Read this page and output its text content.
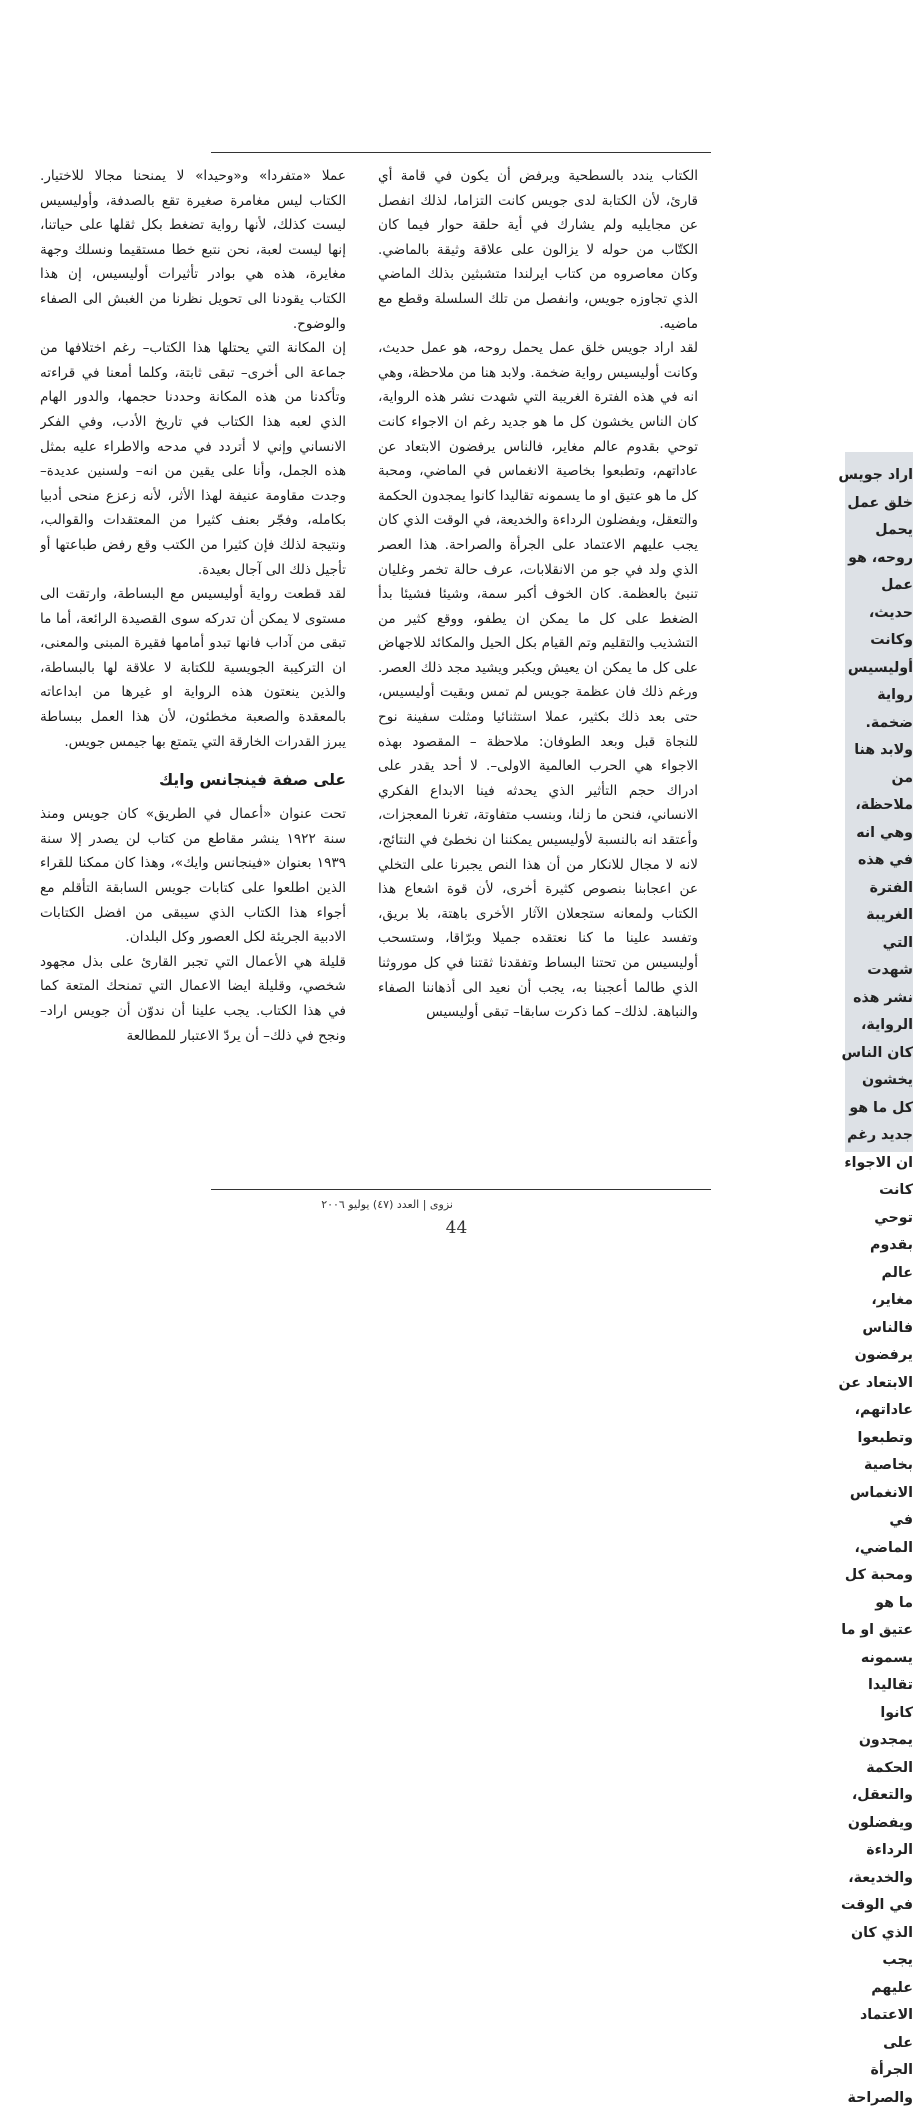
الكتاب يندد بالسطحية ويرفض أن يكون في قامة أي قارئ، لأن الكتابة لدى جويس كانت التزاما، لذلك انفصل عن مجايليه ولم يشارك في أية حلقة حوار فيما كان الكتّاب من حوله لا يزالون على علاقة وثيقة بالماضي. وكان معاصروه من كتاب ايرلندا متشبثين بذلك الماضي الذي تجاوزه جويس، وانفصل من تلك السلسلة وقطع مع ماضيه.

لقد اراد جويس خلق عمل يحمل روحه، هو عمل حديث، وكانت أوليسيس رواية ضخمة. ولابد هنا من ملاحظة، وهي انه في هذه الفترة الغريبة التي شهدت نشر هذه الرواية، كان الناس يخشون كل ما هو جديد رغم ان الاجواء كانت توحي بقدوم عالم مغاير، فالناس يرفضون الابتعاد عن عاداتهم، وتطبعوا بخاصية الانغماس في الماضي، ومحبة كل ما هو عتيق او ما يسمونه تقاليدا كانوا يمجدون الحكمة والتعقل، ويفضلون الرداءة والخديعة، في الوقت الذي كان يجب عليهم الاعتماد على الجرأة والصراحة. هذا العصر الذي ولد في جو من الانقلابات، عرف حالة تخمر وغليان تنبئ بالعظمة. كان الخوف أكبر سمة، وشيئا فشيئا بدأ الضغط على كل ما يمكن ان يطفو، ووقع كثير من التشذيب والتقليم وتم القيام بكل الحيل والمكائد للاجهاض على كل ما يمكن ان يعيش ويكبر ويشيد مجد ذلك العصر. ورغم ذلك فان عظمة جويس لم تمس وبقيت أوليسيس، حتى بعد ذلك بكثير، عملا استثنائيا ومثلت سفينة نوح للنجاة قبل وبعد الطوفان: ملاحظة – المقصود بهذه الاجواء هي الحرب العالمية الاولى–. لا أحد يقدر على ادراك حجم التأثير الذي يحدثه فينا الابداع الفكري الانساني، فنحن ما زلنا، وبنسب متفاوتة، تغرنا المعجزات، وأعتقد انه بالنسبة لأوليسيس يمكننا ان نخطئ في النتائج، لانه لا مجال للانكار من أن هذا النص يجبرنا على التخلي عن اعجابنا بنصوص كثيرة أخرى، لأن قوة اشعاع هذا الكتاب ولمعانه ستجعلان الآثار الأخرى باهتة، بلا بريق، وتفسد علينا ما كنا نعتقده جميلا وبرّاقا، وستسحب أوليسيس من تحتنا البساط وتفقدنا ثقتنا في كل موروثنا الذي طالما أعجبنا به، يجب أن نعيد الى أذهاننا الصفاء والنباهة. لذلك– كما ذكرت سابقا– تبقى أوليسيس

عملا «متفردا» و«وحيدا» لا يمنحنا مجالا للاختيار. الكتاب ليس مغامرة صغيرة تقع بالصدفة، وأوليسيس ليست كذلك، لأنها رواية تضغط بكل ثقلها على حياتنا، إنها ليست لعبة، نحن نتبع خطا مستقيما ونسلك وجهة مغايرة، هذه هي بوادر تأثيرات أوليسيس، إن هذا الكتاب يقودنا الى تحويل نظرنا من الغبش الى الصفاء والوضوح.

إن المكانة التي يحتلها هذا الكتاب– رغم اختلافها من جماعة الى أخرى– تبقى ثابتة، وكلما أمعنا في قراءته وتأكدنا من هذه المكانة وحددنا حجمها، والدور الهام الذي لعبه هذا الكتاب في تاريخ الأدب، وفي الفكر الانساني وإني لا أتردد في مدحه والاطراء عليه بمثل هذه الجمل، وأنا على يقين من انه– ولسنين عديدة– وجدت مقاومة عنيفة لهذا الأثر، لأنه زعزع منحى أدبيا بكامله، وفجّر بعنف كثيرا من المعتقدات والقوالب، ونتيجة لذلك فإن كثيرا من الكتب وقع رفض طباعتها أو تأجيل ذلك الى آجال بعيدة.

لقد قطعت رواية أوليسيس مع البساطة، وارتقت الى مستوى لا يمكن أن تدركه سوى القصيدة الرائعة، أما ما تبقى من آداب فانها تبدو أمامها فقيرة المبنى والمعنى، ان التركيبة الجويسية للكتابة لا علاقة لها بالبساطة، والذين ينعتون هذه الرواية او غيرها من ابداعاته بالمعقدة والصعبة مخطئون، لأن هذا العمل ببساطة يبرز القدرات الخارقة التي يتمتع بها جيمس جويس.

على صفة فينجانس وايك

تحت عنوان «أعمال في الطريق» كان جويس ومنذ سنة ١٩٢٢ ينشر مقاطع من كتاب لن يصدر إلا سنة ١٩٣٩ بعنوان «فينجانس وايك»، وهذا كان ممكنا للقراء الذين اطلعوا على كتابات جويس السابقة التأقلم مع أجواء هذا الكتاب الذي سيبقى من افضل الكتابات الادبية الجريئة لكل العصور وكل البلدان.

قليلة هي الأعمال التي تجبر القارئ على بذل مجهود شخصي، وقليلة ايضا الاعمال التي تمنحك المتعة كما في هذا الكتاب. يجب علينا أن ندوّن أن جويس اراد– ونجح في ذلك– أن يردّ الاعتبار للمطالعة

اراد جويس خلق عمل يحمل روحه، هو عمل حديث، وكانت أوليسيس رواية ضخمة. ولابد هنا من ملاحظة، وهي انه في هذه الفترة الغريبة التي شهدت نشر هذه الرواية، كان الناس يخشون كل ما هو جديد رغم ان الاجواء كانت توحي بقدوم عالم مغاير، فالناس يرفضون الابتعاد عن عاداتهم، وتطبعوا بخاصية الانغماس في الماضي، ومحبة كل ما هو عتيق او ما يسمونه تقاليدا كانوا يمجدون الحكمة والتعقل، ويفضلون الرداءة والخديعة، في الوقت الذي كان يجب عليهم الاعتماد على الجرأة والصراحة
نزوى | العدد (٤٧) يوليو ٢٠٠٦
44
